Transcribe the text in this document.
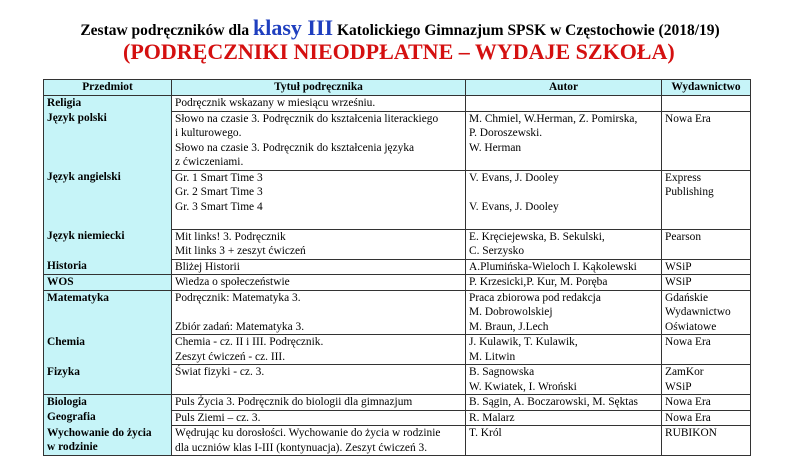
Zestaw podręczników dla klasy III Katolickiego Gimnazjum SPSK w Częstochowie (2018/19)
(PODRĘCZNIKI NIEODPŁATNE – WYDAJE SZKOŁA)
Przedmiot	Tytuł podręcznika	Autor	Wydawnictwo
Religia	Podręcznik wskazany w miesiącu wrześniu.		

Język polski	Słowo na czasie 3. Podręcznik do kształcenia literackiego
i kulturowego.
Słowo na czasie 3. Podręcznik do kształcenia języka
z ćwiczeniami.	M. Chmiel, W.Herman, Z. Pomirska,
P. Doroszewski.
W. Herman	Nowa Era

Język angielski	Gr. 1 Smart Time 3
Gr. 2 Smart Time 3
Gr. 3 Smart Time 4	V. Evans, J. Dooley
V. Evans, J. Dooley	Express
Publishing

Język niemiecki	Mit links! 3. Podręcznik
Mit links 3 + zeszyt ćwiczeń	E. Kręciejewska, B. Sekulski,
C. Serzysko	Pearson

Historia	Bliżej Historii	A.Plumińska-Wieloch I. Kąkolewski	WSiP

WOS	Wiedza o społeczeństwie	P. Krzesicki,P. Kur, M. Poręba	WSiP

Matematyka	Podręcznik: Matematyka 3.
Zbiór zadań: Matematyka 3.	Praca zbiorowa pod redakcja
M. Dobrowolskiej
M. Braun, J.Lech	Gdańskie
Wydawnictwo
Oświatowe

Chemia	Chemia - cz. II i III. Podręcznik.
Zeszyt ćwiczeń - cz. III.	J. Kulawik, T. Kulawik,
M. Litwin	Nowa Era

Fizyka	Świat fizyki - cz. 3.	B. Sagnowska
W. Kwiatek, I. Wroński	ZamKor
WSiP

Biologia	Puls Życia 3. Podręcznik do biologii dla gimnazjum	B. Sągin, A. Boczarowski, M. Sęktas	Nowa Era

Geografia	Puls Ziemi – cz. 3.	R. Malarz	Nowa Era

Wychowanie do życia
w rodzinie	Wędrując ku dorosłości. Wychowanie do życia w rodzinie
dla uczniów klas I-III (kontynuacja). Zeszyt ćwiczeń 3.	T. Król	RUBIKON
